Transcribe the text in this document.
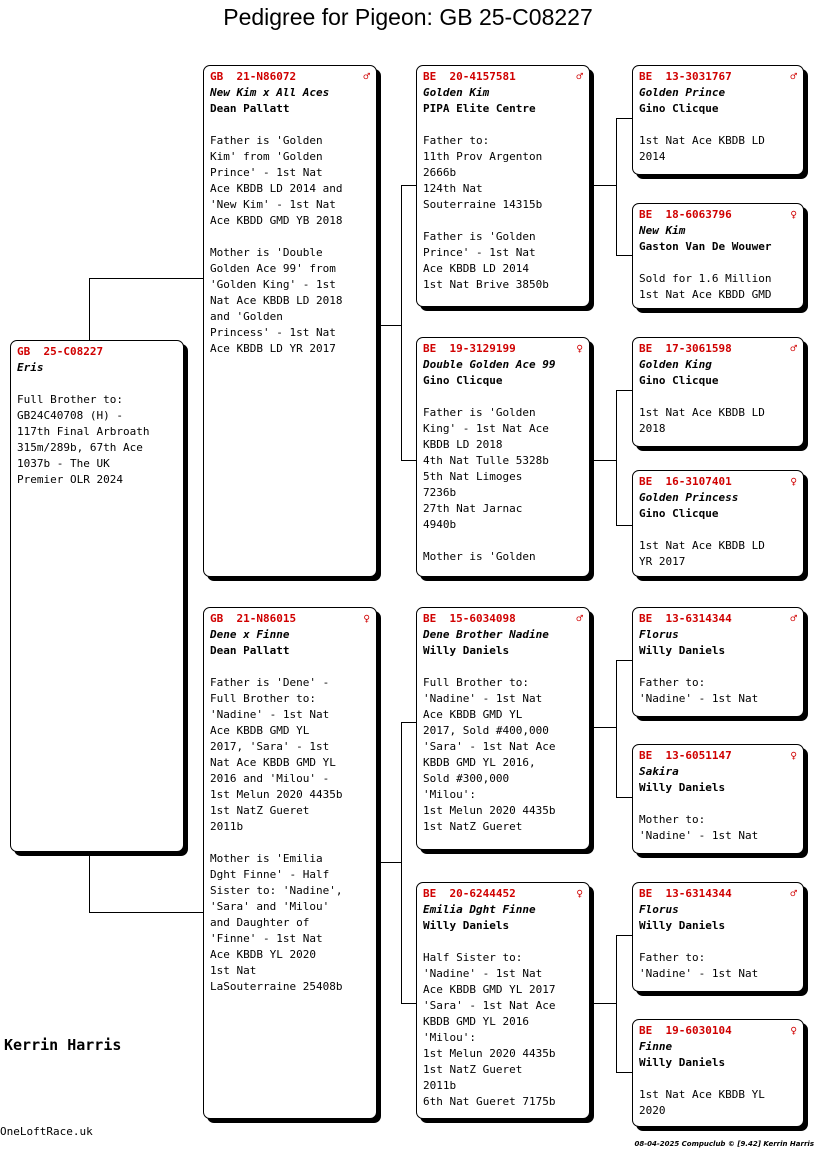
Pedigree for Pigeon: GB 25-C08227
GB  25-C08227
Eris

Full Brother to:
GB24C40708 (H) -
117th Final Arbroath
315m/289b, 67th Ace
1037b - The UK
Premier OLR 2024
GB  21-N86072	♂
New Kim x All Aces
Dean Pallatt

Father is 'Golden
Kim' from 'Golden
Prince' - 1st Nat
Ace KBDB LD 2014 and
'New Kim' - 1st Nat
Ace KBDD GMD YB 2018

Mother is 'Double
Golden Ace 99' from
'Golden King' - 1st
Nat Ace KBDB LD 2018
and 'Golden
Princess' - 1st Nat
Ace KBDB LD YR 2017
GB  21-N86015	♀
Dene x Finne
Dean Pallatt

Father is 'Dene' -
Full Brother to:
'Nadine' - 1st Nat
Ace KBDB GMD YL
2017, 'Sara' - 1st
Nat Ace KBDB GMD YL
2016 and 'Milou' -
1st Melun 2020 4435b
1st NatZ Gueret
2011b

Mother is 'Emilia
Dght Finne' - Half
Sister to: 'Nadine',
'Sara' and 'Milou'
and Daughter of
'Finne' - 1st Nat
Ace KBDB YL 2020
1st Nat
LaSouterraine 25408b
BE  20-4157581	♂
Golden Kim
PIPA Elite Centre

Father to:
11th Prov Argenton
2666b
124th Nat
Souterraine 14315b

Father is 'Golden
Prince' - 1st Nat
Ace KBDB LD 2014
1st Nat Brive 3850b
BE  19-3129199	♀
Double Golden Ace 99
Gino Clicque

Father is 'Golden
King' - 1st Nat Ace
KBDB LD 2018
4th Nat Tulle 5328b
5th Nat Limoges
7236b
27th Nat Jarnac
4940b

Mother is 'Golden
BE  15-6034098	♂
Dene Brother Nadine
Willy Daniels

Full Brother to:
'Nadine' - 1st Nat
Ace KBDB GMD YL
2017, Sold #400,000
'Sara' - 1st Nat Ace
KBDB GMD YL 2016,
Sold #300,000
'Milou':
1st Melun 2020 4435b
1st NatZ Gueret
BE  20-6244452	♀
Emilia Dght Finne
Willy Daniels

Half Sister to:
'Nadine' - 1st Nat
Ace KBDB GMD YL 2017
'Sara' - 1st Nat Ace
KBDB GMD YL 2016
'Milou':
1st Melun 2020 4435b
1st NatZ Gueret
2011b
6th Nat Gueret 7175b
BE  13-3031767	♂
Golden Prince
Gino Clicque

1st Nat Ace KBDB LD
2014
BE  18-6063796	♀
New Kim
Gaston Van De Wouwer

Sold for 1.6 Million
1st Nat Ace KBDD GMD
BE  17-3061598	♂
Golden King
Gino Clicque

1st Nat Ace KBDB LD
2018
BE  16-3107401	♀
Golden Princess
Gino Clicque

1st Nat Ace KBDB LD
YR 2017
BE  13-6314344	♂
Florus
Willy Daniels

Father to:
'Nadine' - 1st Nat
BE  13-6051147	♀
Sakira
Willy Daniels

Mother to:
'Nadine' - 1st Nat
BE  13-6314344	♂
Florus
Willy Daniels

Father to:
'Nadine' - 1st Nat
BE  19-6030104	♀
Finne
Willy Daniels

1st Nat Ace KBDB YL
2020
Kerrin Harris
OneLoftRace.uk
08-04-2025 Compuclub © [9.42] Kerrin Harris
